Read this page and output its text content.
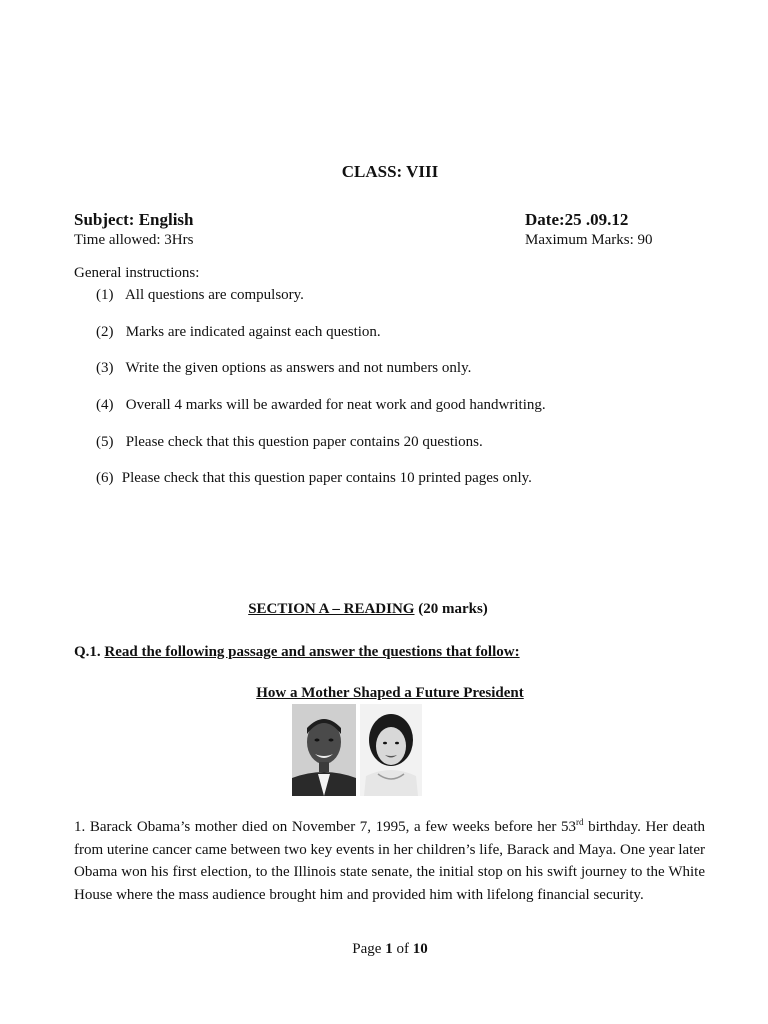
CLASS: VIII
Subject: English	Date:25 .09.12
Time allowed: 3Hrs	Maximum Marks: 90
General instructions:
(1) All questions are compulsory.
(2) Marks are indicated against each question.
(3) Write the given options as answers and not numbers only.
(4) Overall 4 marks will be awarded for neat work and good handwriting.
(5) Please check that this question paper contains 20 questions.
(6) Please check that this question paper contains 10 printed pages only.
SECTION A – READING (20 marks)
Q.1. Read the following passage and answer the questions that follow:
How a Mother Shaped a Future President
1. Barack Obama’s mother died on November 7, 1995, a few weeks before her 53rd birthday. Her death from uterine cancer came between two key events in her children’s life, Barack and Maya. One year later Obama won his first election, to the Illinois state senate, the initial stop on his swift journey to the White House where the mass audience brought him and provided him with lifelong financial security.
Page 1 of 10
